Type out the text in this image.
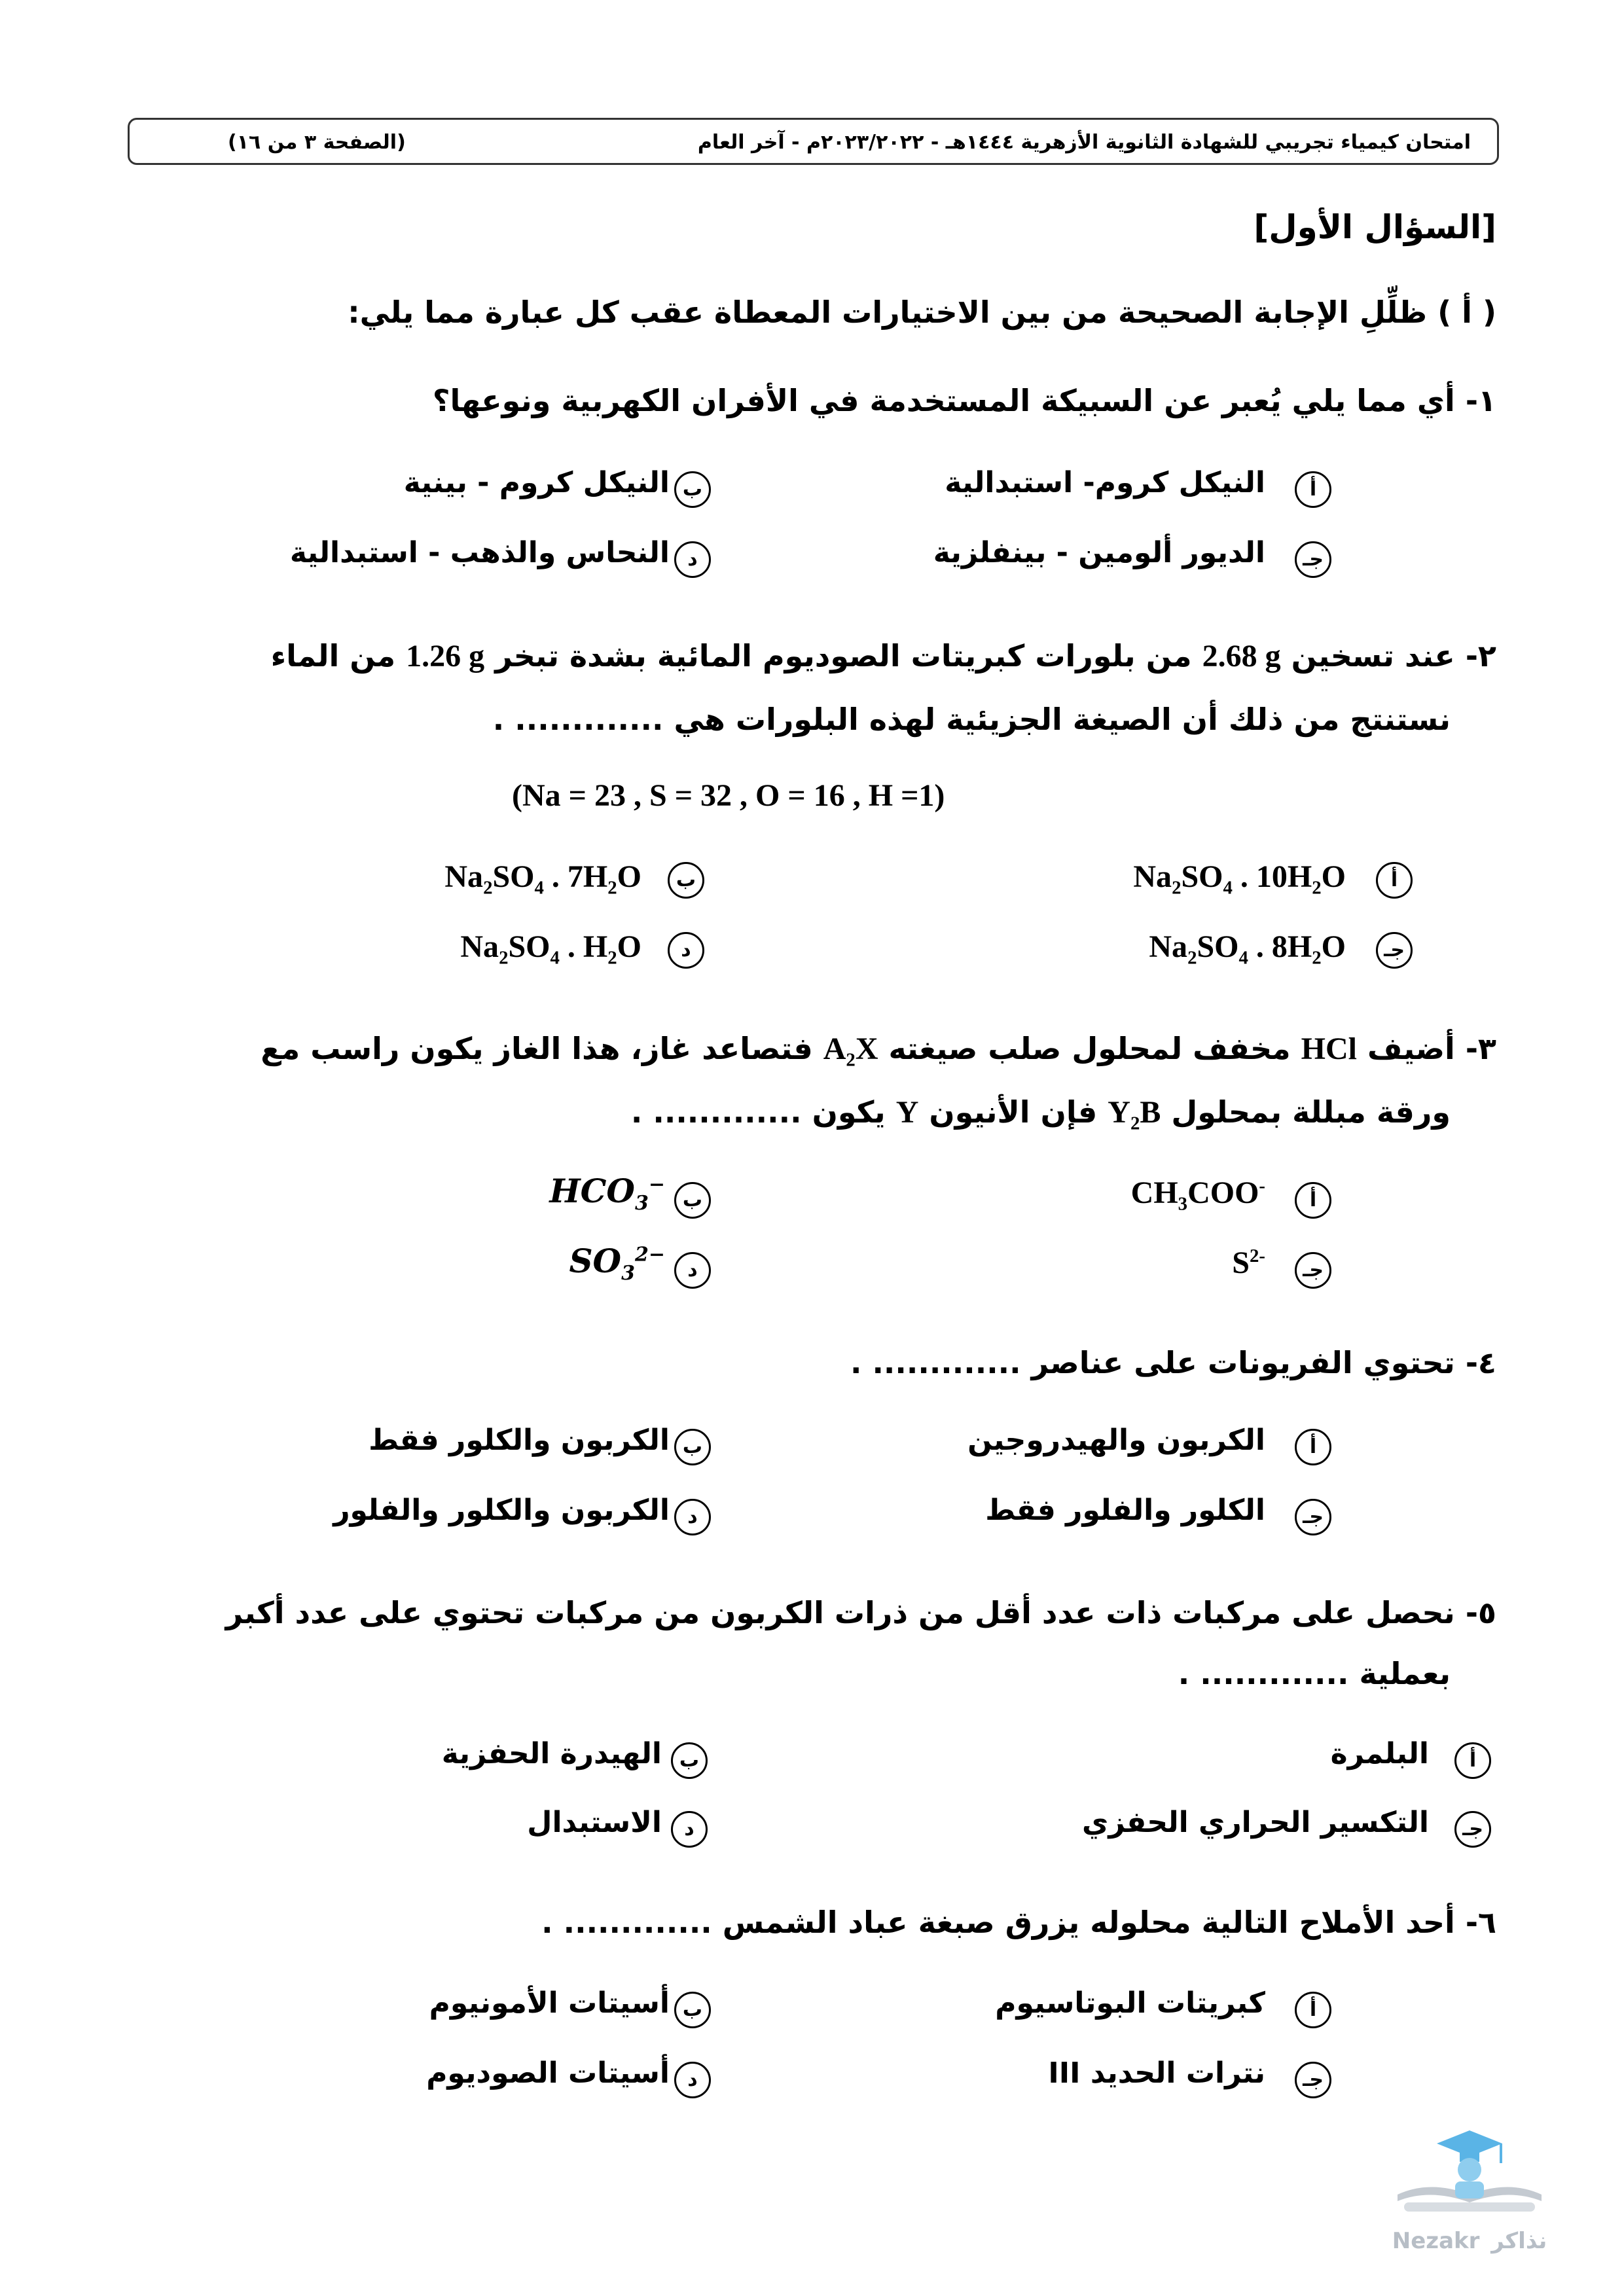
امتحان كيمياء تجريبي للشهادة الثانوية الأزهرية ١٤٤٤هـ - ٢٠٢٣/٢٠٢٢م - آخر العام
(الصفحة ٣ من ١٦)
[السؤال الأول]
( أ ) ظلِّلِ الإجابة الصحيحة من بين الاختيارات المعطاة عقب كل عبارة مما يلي:
١- أي مما يلي يُعبر عن السبيكة المستخدمة في الأفران الكهربية ونوعها؟
أ
النيكل كروم- استبدالية
جـ
الديور ألومين - بينفلزية
ب
النيكل كروم - بينية
د
النحاس والذهب - استبدالية
٢- عند تسخين 2.68 g من بلورات كبريتات الصوديوم المائية بشدة تبخر 1.26 g من الماء
نستنتج من ذلك أن الصيغة الجزيئية لهذه البلورات هي ............. .
(Na = 23 , S = 32 , O = 16 , H =1)
أ
$Na_2SO_4$ . $10H_2O$
جـ
$Na_2SO_4$ . $8H_2O$
ب
$Na_2SO_4$ . $7H_2O$
د
$Na_2SO_4$ . $H_2O$
٣- أضيف HCl مخفف لمحلول صلب صيغته $A_2X$ فتصاعد غاز، هذا الغاز يكون راسب مع
ورقة مبللة بمحلول $Y_2B$ فإن الأنيون Y يكون ............. .
أ
$CH_3COO^-$
جـ
$S^{2-}$
ب
$HCO_3^-$
د
$SO_3^{2-}$
٤- تحتوي الفريونات على عناصر ............. .
أ
الكربون والهيدروجين
جـ
الكلور والفلور فقط
ب
الكربون والكلور فقط
د
الكربون والكلور والفلور
٥- نحصل على مركبات ذات عدد أقل من ذرات الكربون من مركبات تحتوي على عدد أكبر
بعملية ............. .
أ
البلمرة
جـ
التكسير الحراري الحفزي
ب
الهيدرة الحفزية
د
الاستبدال
٦- أحد الأملاح التالية محلوله يزرق صبغة عباد الشمس ............. .
أ
كبريتات البوتاسيوم
جـ
نترات الحديد III
ب
أسيتات الأمونيوم
د
أسيتات الصوديوم
Nezakr نذاكر
